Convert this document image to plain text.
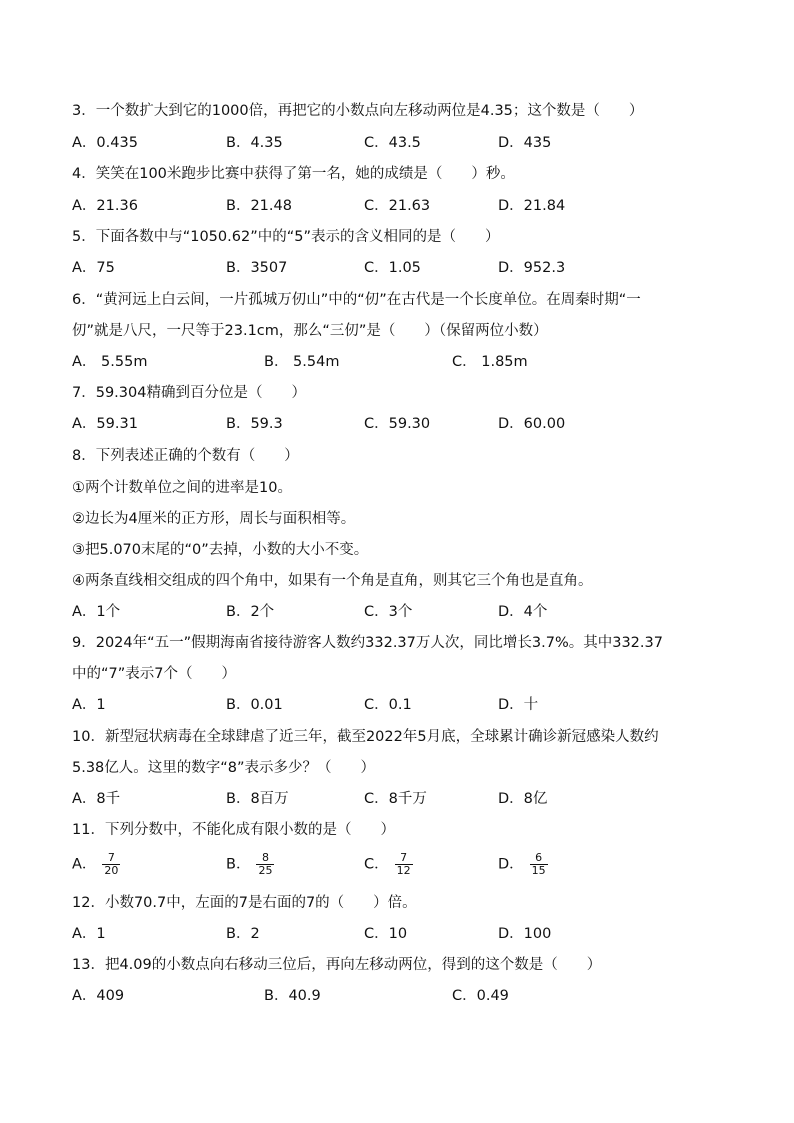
3．一个数扩大到它的1000倍，再把它的小数点向左移动两位是4.35；这个数是（　　）
A．0.435	B．4.35	C．43.5	D．435
4．笑笑在100米跑步比赛中获得了第一名，她的成绩是（　　）秒。
A．21.36	B．21.48	C．21.63	D．21.84
5．下面各数中与“1050.62”中的“5”表示的含义相同的是（　　）
A．75	B．3507	C．1.05	D．952.3
6．“黄河远上白云间，一片孤城万仞山”中的“仞”在古代是一个长度单位。在周秦时期“一
仞”就是八尺，一尺等于23.1cm，那么“三仞”是（　　）（保留两位小数）
A． 5.55m	B． 5.54m	C． 1.85m
7．59.304精确到百分位是（　　）
A．59.31	B．59.3	C．59.30	D．60.00
8．下列表述正确的个数有（　　）
①两个计数单位之间的进率是10。
②边长为4厘米的正方形，周长与面积相等。
③把5.070末尾的“0”去掉，小数的大小不变。
④两条直线相交组成的四个角中，如果有一个角是直角，则其它三个角也是直角。
A．1个	B．2个	C．3个	D．4个
9．2024年“五一”假期海南省接待游客人数约332.37万人次，同比增长3.7%。其中332.37
中的“7”表示7个（　　）
A．1	B．0.01	C．0.1	D．十
10．新型冠状病毒在全球肆虐了近三年，截至2022年5月底，全球累计确诊新冠感染人数约
5.38亿人。这里的数字“8”表示多少？（　　）
A．8千	B．8百万	C．8千万	D．8亿
11．下列分数中，不能化成有限小数的是（　　）
A． $\frac{7}{20}$	B． $\frac{8}{25}$	C． $\frac{7}{12}$	D． $\frac{6}{15}$
12．小数70.7中，左面的7是右面的7的（　　）倍。
A．1	B．2	C．10	D．100
13．把4.09的小数点向右移动三位后，再向左移动两位，得到的这个数是（　　）
A．409	B．40.9	C．0.49
